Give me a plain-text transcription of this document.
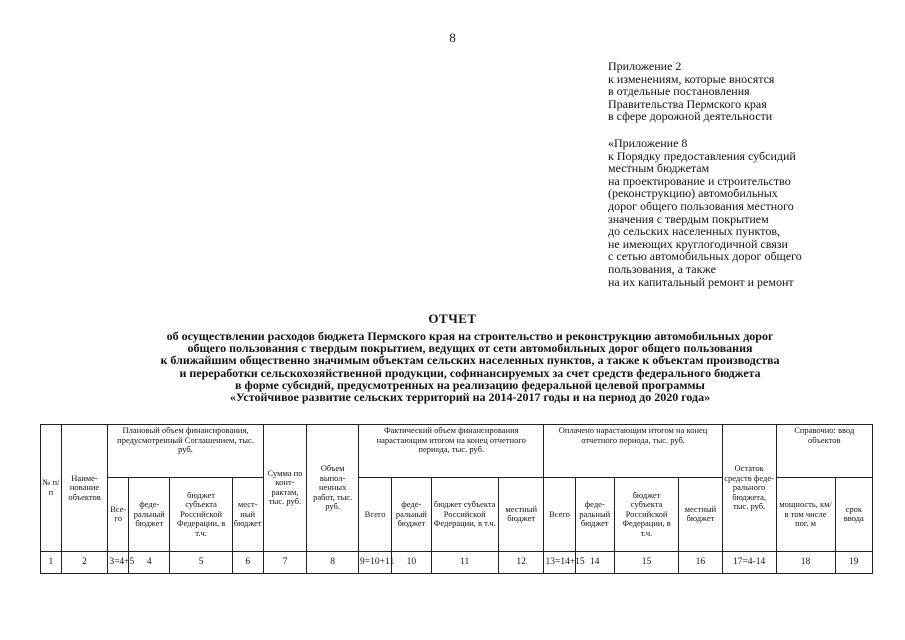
8
Приложение 2
к изменениям, которые вносятся
в отдельные постановления
Правительства Пермского края
в сфере дорожной деятельности
«Приложение 8
к Порядку предоставления субсидий
местным бюджетам
на проектирование и строительство
(реконструкцию) автомобильных
дорог общего пользования местного
значения с твердым покрытием
до сельских населенных пунктов,
не имеющих круглогодичной связи
с сетью автомобильных дорог общего
пользования, а также
на их капитальный ремонт и ремонт
ОТЧЕТ
об осуществлении расходов бюджета Пермского края на строительство и реконструкцию автомобильных дорог
общего пользования с твердым покрытием, ведущих от сети автомобильных дорог общего пользования
к ближайшим общественно значимым объектам сельских населенных пунктов, а также к объектам производства
и переработки сельскохозяйственной продукции, софинансируемых за счет средств федерального бюджета
в форме субсидий, предусмотренных на реализацию федеральной целевой программы
«Устойчивое развитие сельских территорий на 2014-2017 годы и на период до 2020 года»
№ п/п	Наиме-нование объектов	Плановый объем финансирования, предусмотренный Соглашением, тыс. руб.				Сумма по конт-рактам, тыс. руб.	Объем выпол-ненных работ, тыс. руб.	Фактический объем финансирования нарастающим итогом на конец отчетного периода, тыс. руб.				Оплачено нарастающим итогом на конец отчетного периода, тыс. руб.				Остаток средств феде-рального бюджета, тыс. руб.	Справочно: ввод объектов	
		Все-го	феде-ральный бюджет	бюджет субъекта Российской Федерации, в т.ч.	мест-ный бюджет			Всего	феде-ральный бюджет	бюджет субъекта Российской Федерации, в т.ч.	местный бюджет	Всего	феде-ральный бюджет	бюджет субъекта Российской Федерации, в т.ч.	местный бюджет		мощность, км/ в том числе пог. м	срок ввода
1	2	3=4+5	4	5	6	7	8	9=10+11	10	11	12	13=14+15	14	15	16	17=4-14	18	19
